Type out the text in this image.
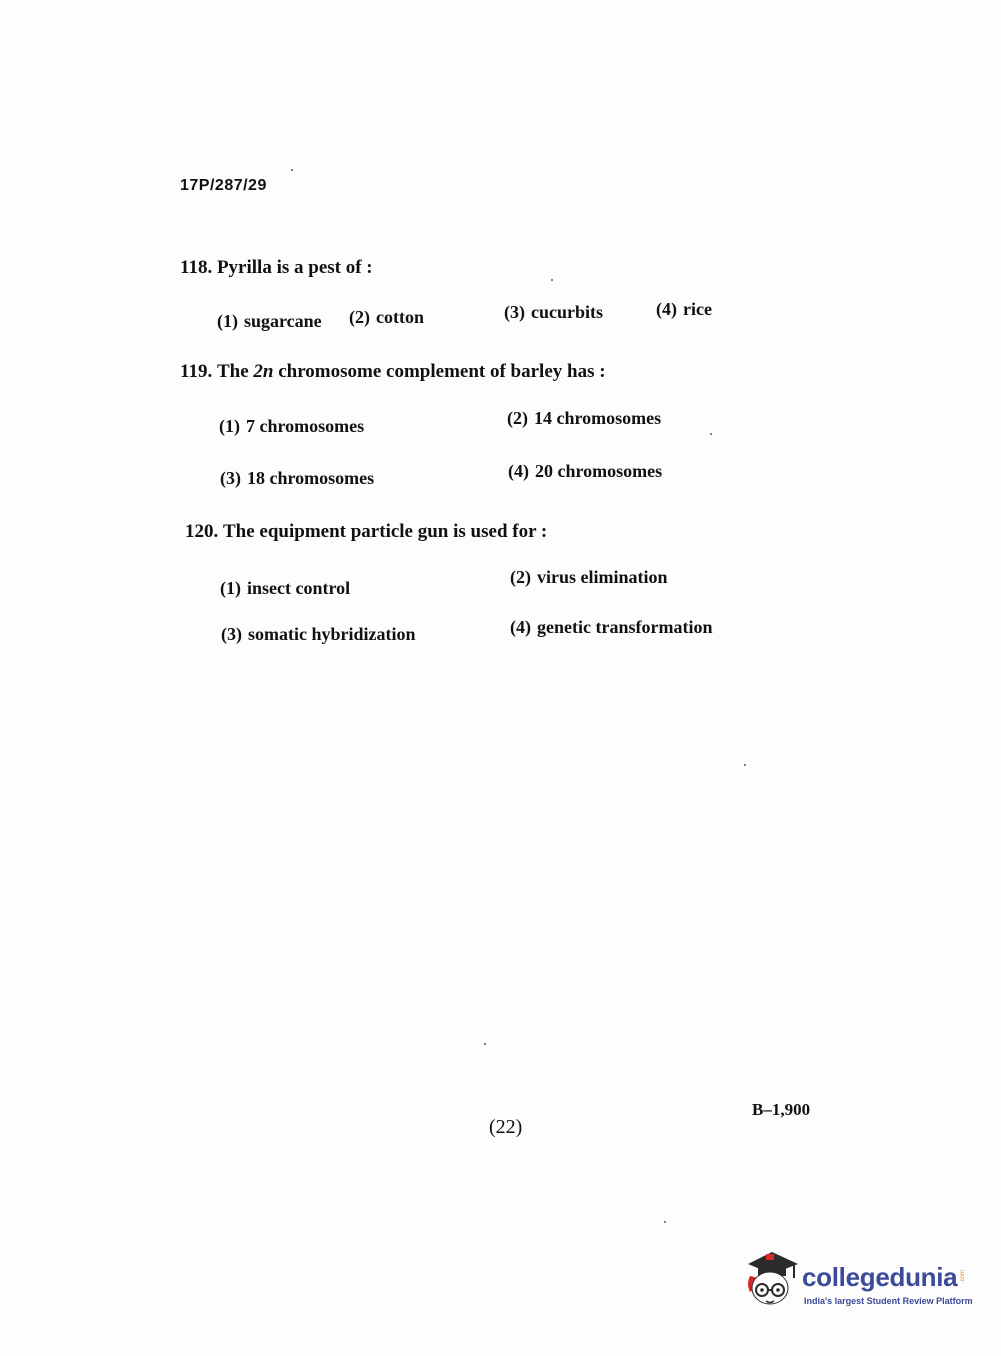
17P/287/29
118. Pyrilla is a pest of :
(1) sugarcane (2) cotton	(3) cucurbits	(4) rice
119. The 2n chromosome complement of barley has :
(1) 7 chromosomes	(2) 14 chromosomes
(3) 18 chromosomes	(4) 20 chromosomes
120. The equipment particle gun is used for :
(1) insect control
(2) virus elimination
(3) somatic hybridization	(4) genetic transformation
(22)
B–1,900
collegedunia .com
India's largest Student Review Platform
